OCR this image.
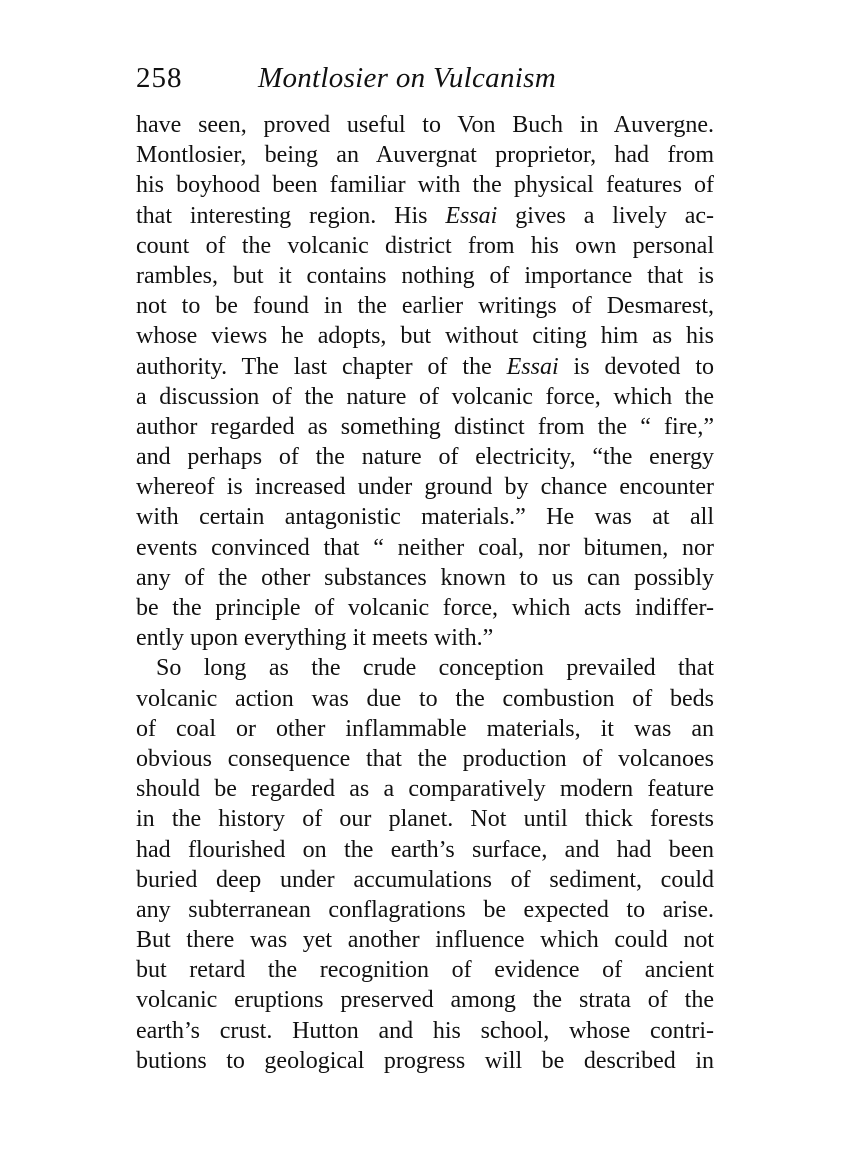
258	Montlosier on Vulcanism
have seen, proved useful to Von Buch in Auvergne.
Montlosier, being an Auvergnat proprietor, had from
his boyhood been familiar with the physical features of
that interesting region. His Essai gives a lively ac-
count of the volcanic district from his own personal
rambles, but it contains nothing of importance that is
not to be found in the earlier writings of Desmarest,
whose views he adopts, but without citing him as his
authority. The last chapter of the Essai is devoted to
a discussion of the nature of volcanic force, which the
author regarded as something distinct from the “ fire,”
and perhaps of the nature of electricity, “the energy
whereof is increased under ground by chance encounter
with certain antagonistic materials.” He was at all
events convinced that “ neither coal, nor bitumen, nor
any of the other substances known to us can possibly
be the principle of volcanic force, which acts indiffer-
ently upon everything it meets with.”
So long as the crude conception prevailed that
volcanic action was due to the combustion of beds
of coal or other inflammable materials, it was an
obvious consequence that the production of volcanoes
should be regarded as a comparatively modern feature
in the history of our planet. Not until thick forests
had flourished on the earth’s surface, and had been
buried deep under accumulations of sediment, could
any subterranean conflagrations be expected to arise.
But there was yet another influence which could not
but retard the recognition of evidence of ancient
volcanic eruptions preserved among the strata of the
earth’s crust. Hutton and his school, whose contri-
butions to geological progress will be described in
